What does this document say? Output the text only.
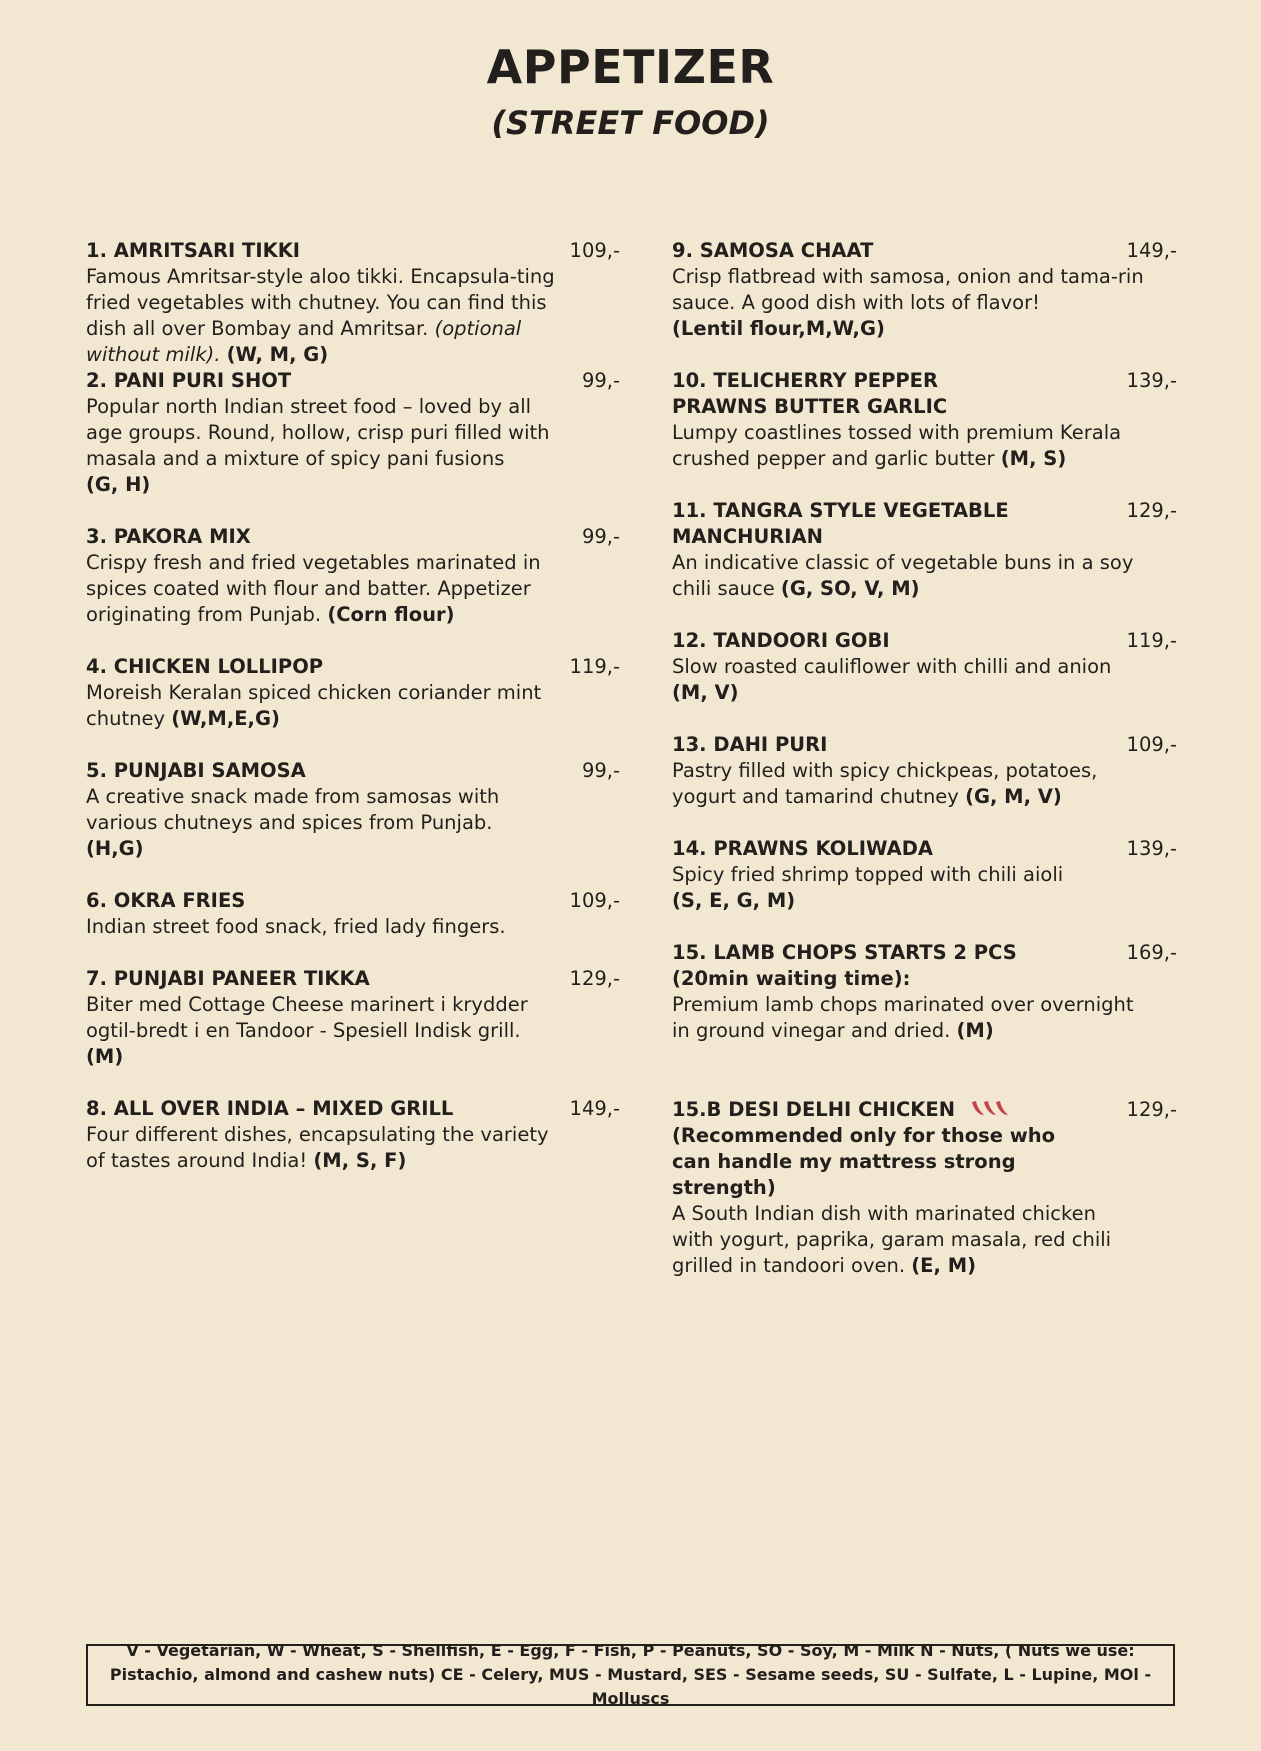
APPETIZER
(STREET FOOD)
1. AMRITSARI TIKKI	109,-
Famous Amritsar-style aloo tikki. Encapsula-ting fried vegetables with chutney. You can find this dish all over Bombay and Amritsar. (optional without milk). (W, M, G)
2. PANI PURI SHOT	99,-
Popular north Indian street food – loved by all age groups. Round, hollow, crisp puri filled with masala and a mixture of spicy pani fusions
(G, H)
3. PAKORA MIX	99,-
Crispy fresh and fried vegetables marinated in spices coated with flour and batter. Appetizer originating from Punjab. (Corn flour)
4. CHICKEN LOLLIPOP	119,-
Moreish Keralan spiced chicken coriander mint chutney (W,M,E,G)
5. PUNJABI SAMOSA	99,-
A creative snack made from samosas with various chutneys and spices from Punjab.
(H,G)
6. OKRA FRIES	109,-
Indian street food snack, fried lady fingers.
7. PUNJABI PANEER TIKKA	129,-
Biter med Cottage Cheese marinert i krydder ogtil-bredt i en Tandoor - Spesiell Indisk grill.
(M)
8. ALL OVER INDIA – MIXED GRILL	149,-
Four different dishes, encapsulating the variety of tastes around India! (M, S, F)
9. SAMOSA CHAAT	149,-
Crisp flatbread with samosa, onion and tama-rin sauce. A good dish with lots of flavor!
(Lentil flour,M,W,G)
10. TELICHERRY PEPPER PRAWNS BUTTER GARLIC
139,-
Lumpy coastlines tossed with premium Kerala crushed pepper and garlic butter (M, S)
11. TANGRA STYLE VEGETABLE MANCHURIAN
129,-
An indicative classic of vegetable buns in a soy chili sauce (G, SO, V, M)
12. TANDOORI GOBI	119,-
Slow roasted cauliflower with chilli and anion
(M, V)
13. DAHI PURI	109,-
Pastry filled with spicy chickpeas, potatoes, yogurt and tamarind chutney (G, M, V)
14. PRAWNS KOLIWADA	139,-
Spicy fried shrimp topped with chili aioli
(S, E, G, M)
15. LAMB CHOPS STARTS 2 PCS	169,-
(20min waiting time):
Premium lamb chops marinated over overnight in ground vinegar and dried. (M)
15.B DESI DELHI CHICKEN	129,-
(Recommended only for those who can handle my mattress strong strength)
A South Indian dish with marinated chicken with yogurt, paprika, garam masala, red chili grilled in tandoori oven. (E, M)
V - Vegetarian, W - Wheat, S - Shellfish, E - Egg, F - Fish, P - Peanuts, SO - Soy, M - Milk N - Nuts, ( Nuts we use: Pistachio, almond and cashew nuts) CE - Celery, MUS - Mustard, SES - Sesame seeds, SU - Sulfate, L - Lupine, MOl - Molluscs
